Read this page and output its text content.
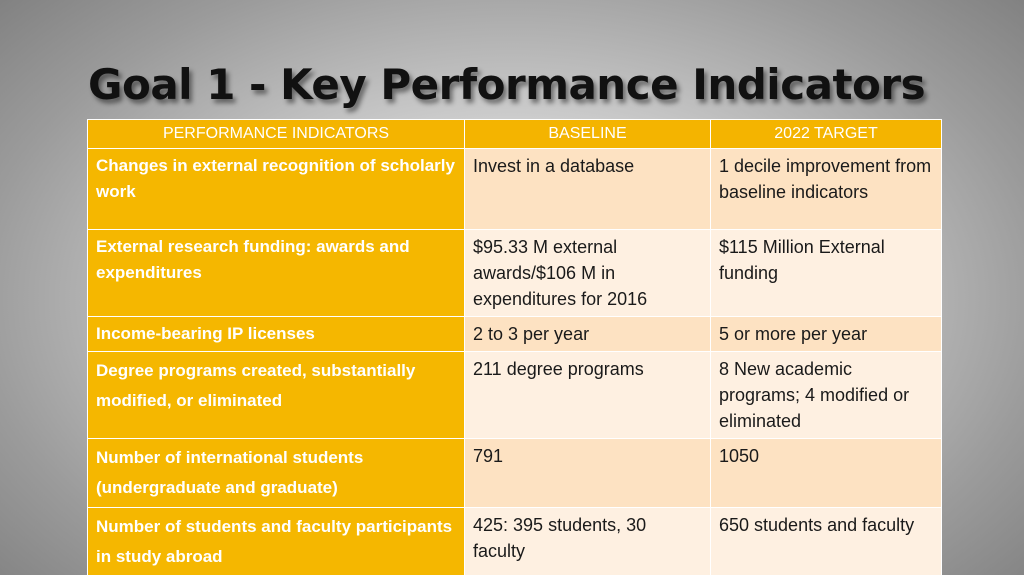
Goal 1 - Key Performance Indicators
PERFORMANCE INDICATORS	BASELINE	2022 TARGET
Changes in external recognition of scholarly work	Invest in a database	1 decile improvement from baseline indicators
External research funding: awards and expenditures	$95.33 M external awards/$106 M in expenditures for 2016	$115 Million External funding
Income-bearing IP licenses	2 to 3 per year	5 or more per year
Degree programs created, substantially modified, or eliminated	211 degree programs	8 New academic programs; 4 modified or eliminated
Number of international students (undergraduate and graduate)	791	1050
Number of students and faculty participants in study abroad	425: 395 students, 30 faculty	650 students and faculty
